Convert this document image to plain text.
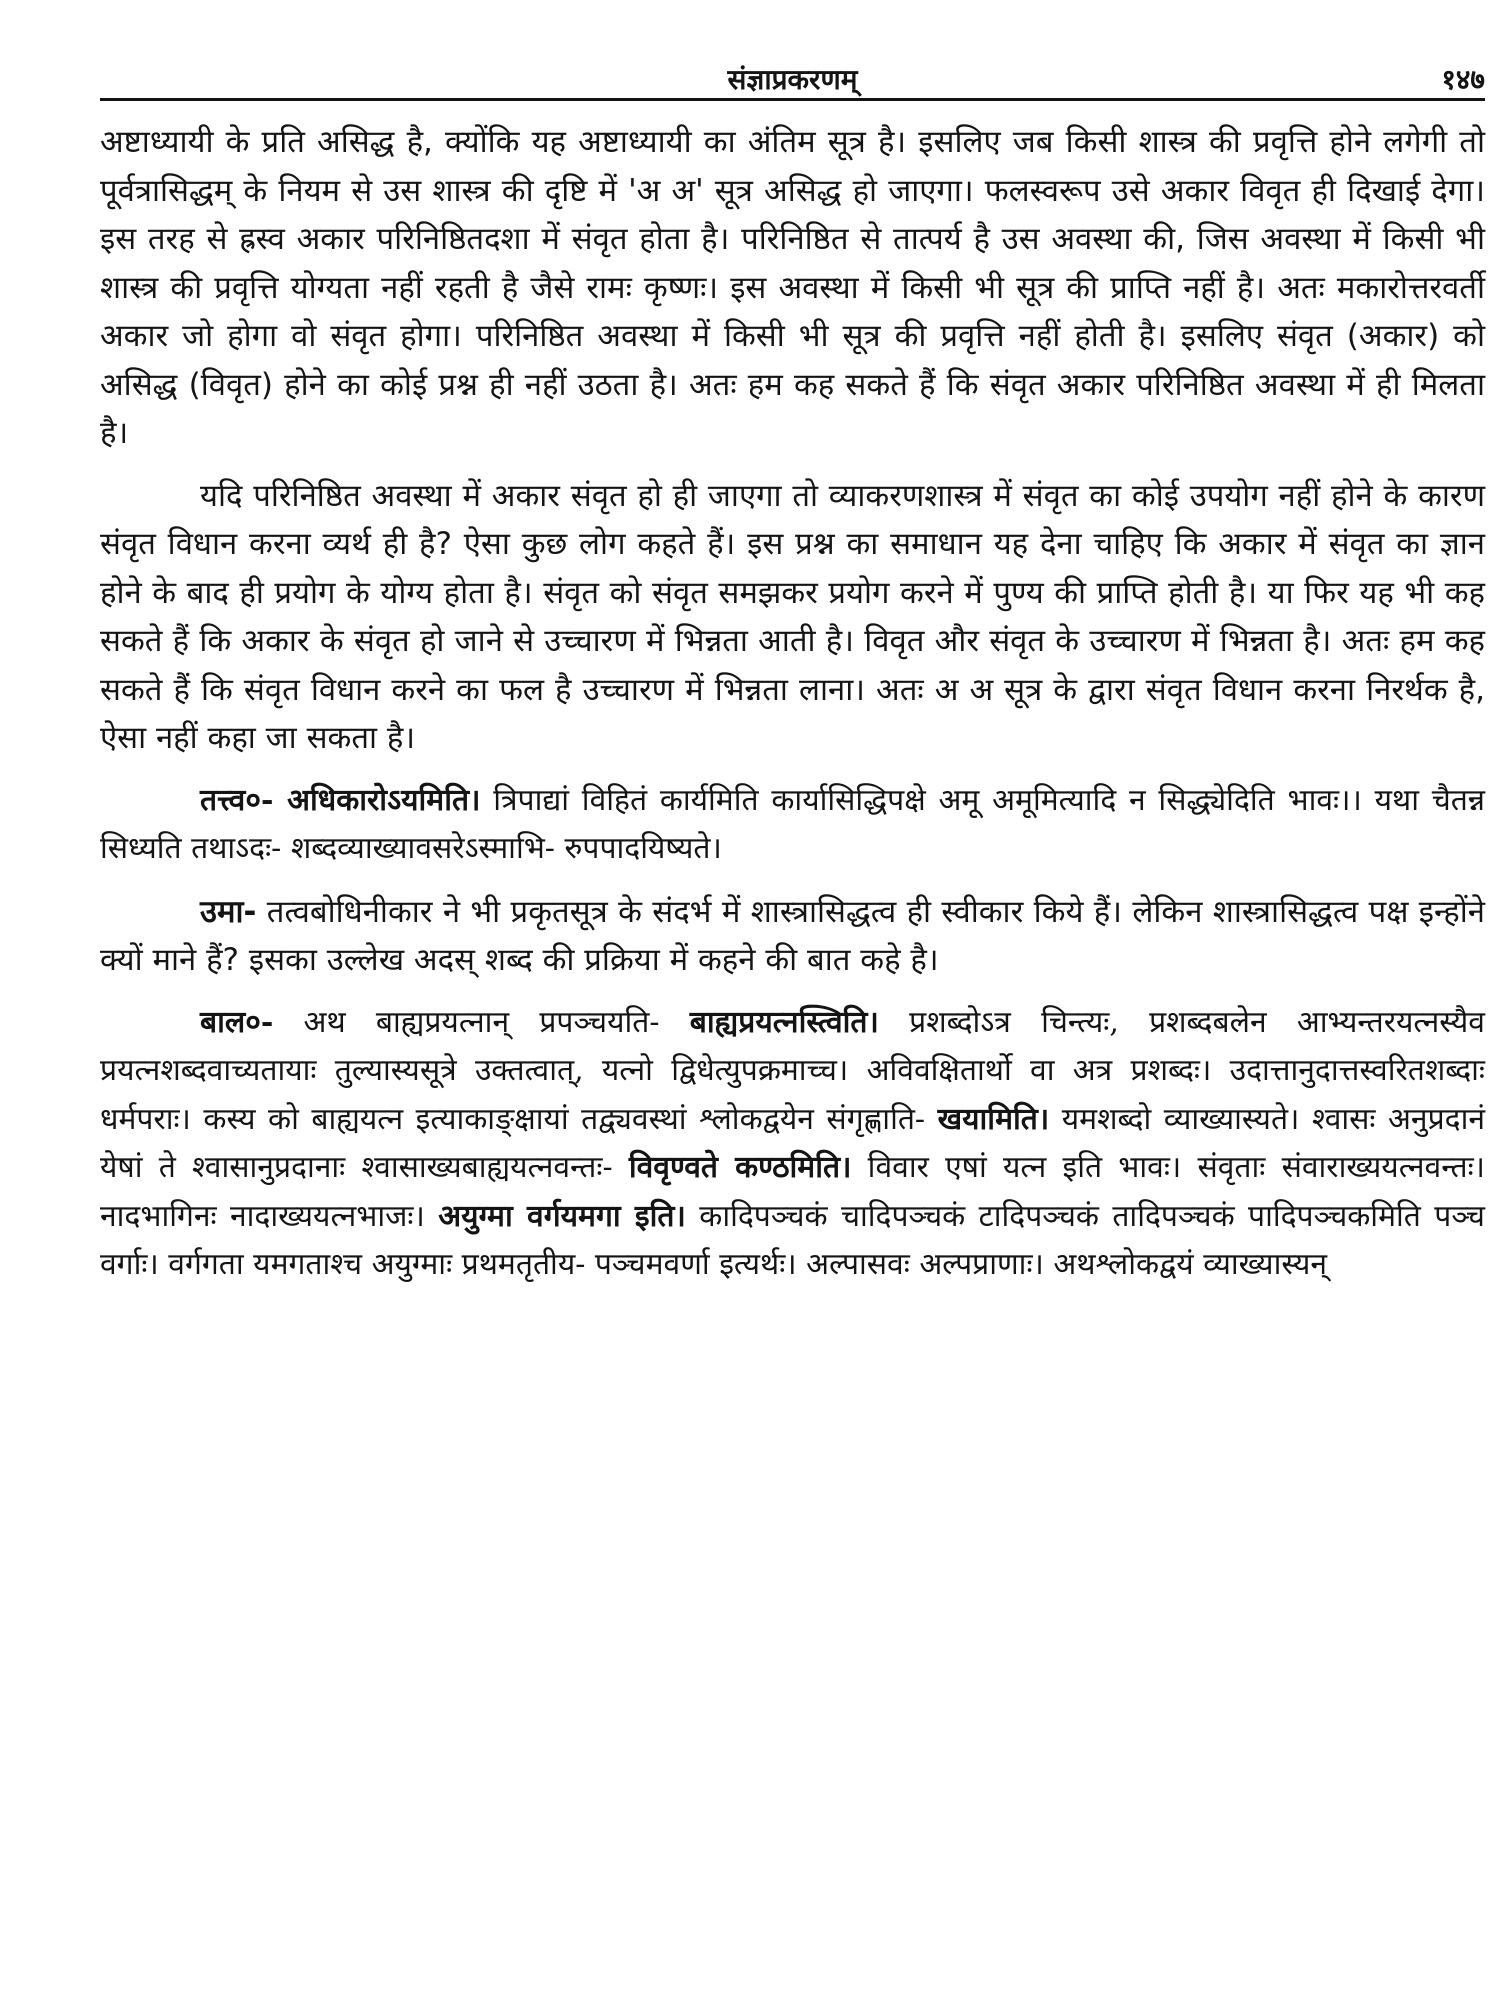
संज्ञाप्रकरणम्	१४७

अष्टाध्यायी के प्रति असिद्ध है, क्योंकि यह अष्टाध्यायी का अंतिम सूत्र है। इसलिए जब किसी शास्त्र की प्रवृत्ति होने लगेगी तो पूर्वत्रासिद्धम् के नियम से उस शास्त्र की दृष्टि में 'अ अ' सूत्र असिद्ध हो जाएगा। फलस्वरूप उसे अकार विवृत ही दिखाई देगा। इस तरह से ह्रस्व अकार परिनिष्ठितदशा में संवृत होता है। परिनिष्ठित से तात्पर्य है उस अवस्था की, जिस अवस्था में किसी भी शास्त्र की प्रवृत्ति योग्यता नहीं रहती है जैसे रामः कृष्णः। इस अवस्था में किसी भी सूत्र की प्राप्ति नहीं है। अतः मकारोत्तरवर्ती अकार जो होगा वो संवृत होगा। परिनिष्ठित अवस्था में किसी भी सूत्र की प्रवृत्ति नहीं होती है। इसलिए संवृत (अकार) को असिद्ध (विवृत) होने का कोई प्रश्न ही नहीं उठता है। अतः हम कह सकते हैं कि संवृत अकार परिनिष्ठित अवस्था में ही मिलता है।

यदि परिनिष्ठित अवस्था में अकार संवृत हो ही जाएगा तो व्याकरणशास्त्र में संवृत का कोई उपयोग नहीं होने के कारण संवृत विधान करना व्यर्थ ही है? ऐसा कुछ लोग कहते हैं। इस प्रश्न का समाधान यह देना चाहिए कि अकार में संवृत का ज्ञान होने के बाद ही प्रयोग के योग्य होता है। संवृत को संवृत समझकर प्रयोग करने में पुण्य की प्राप्ति होती है। या फिर यह भी कह सकते हैं कि अकार के संवृत हो जाने से उच्चारण में भिन्नता आती है। विवृत और संवृत के उच्चारण में भिन्नता है। अतः हम कह सकते हैं कि संवृत विधान करने का फल है उच्चारण में भिन्नता लाना। अतः अ अ सूत्र के द्वारा संवृत विधान करना निरर्थक है, ऐसा नहीं कहा जा सकता है।

तत्त्व०- अधिकारोऽयमिति। त्रिपाद्यां विहितं कार्यमिति कार्यासिद्धिपक्षे अमू अमूमित्यादि न सिद्ध्येदिति भावः।। यथा चैतन्न सिध्यति तथाऽदः- शब्दव्याख्यावसरेऽस्माभि- रुपपादयिष्यते।

उमा- तत्वबोधिनीकार ने भी प्रकृतसूत्र के संदर्भ में शास्त्रासिद्धत्व ही स्वीकार किये हैं। लेकिन शास्त्रासिद्धत्व पक्ष इन्होंने क्यों माने हैं? इसका उल्लेख अदस् शब्द की प्रक्रिया में कहने की बात कहे है।

बाल०- अथ बाह्यप्रयत्नान् प्रपञ्चयति- बाह्यप्रयत्नस्त्विति। प्रशब्दोऽत्र चिन्त्यः, प्रशब्दबलेन आभ्यन्तरयत्नस्यैव प्रयत्नशब्दवाच्यतायाः तुल्यास्यसूत्रे उक्तत्वात्, यत्नो द्विधेत्युपक्रमाच्च। अविवक्षितार्थो वा अत्र प्रशब्दः। उदात्तानुदात्तस्वरितशब्दाः धर्मपराः। कस्य को बाह्ययत्न इत्याकाङ्क्षायां तद्व्यवस्थां श्लोकद्वयेन संगृह्णाति- खयामिति। यमशब्दो व्याख्यास्यते। श्वासः अनुप्रदानं येषां ते श्वासानुप्रदानाः श्वासाख्यबाह्ययत्नवन्तः- विवृण्वते कण्ठमिति। विवार एषां यत्न इति भावः। संवृताः संवाराख्ययत्नवन्तः। नादभागिनः नादाख्ययत्नभाजः। अयुग्मा वर्गयमगा इति। कादिपञ्चकं चादिपञ्चकं टादिपञ्चकं तादिपञ्चकं पादिपञ्चकमिति पञ्च वर्गाः। वर्गगता यमगताश्च अयुग्माः प्रथमतृतीय- पञ्चमवर्णा इत्यर्थः। अल्पासवः अल्पप्राणाः। अथश्लोकद्वयं व्याख्यास्यन्
